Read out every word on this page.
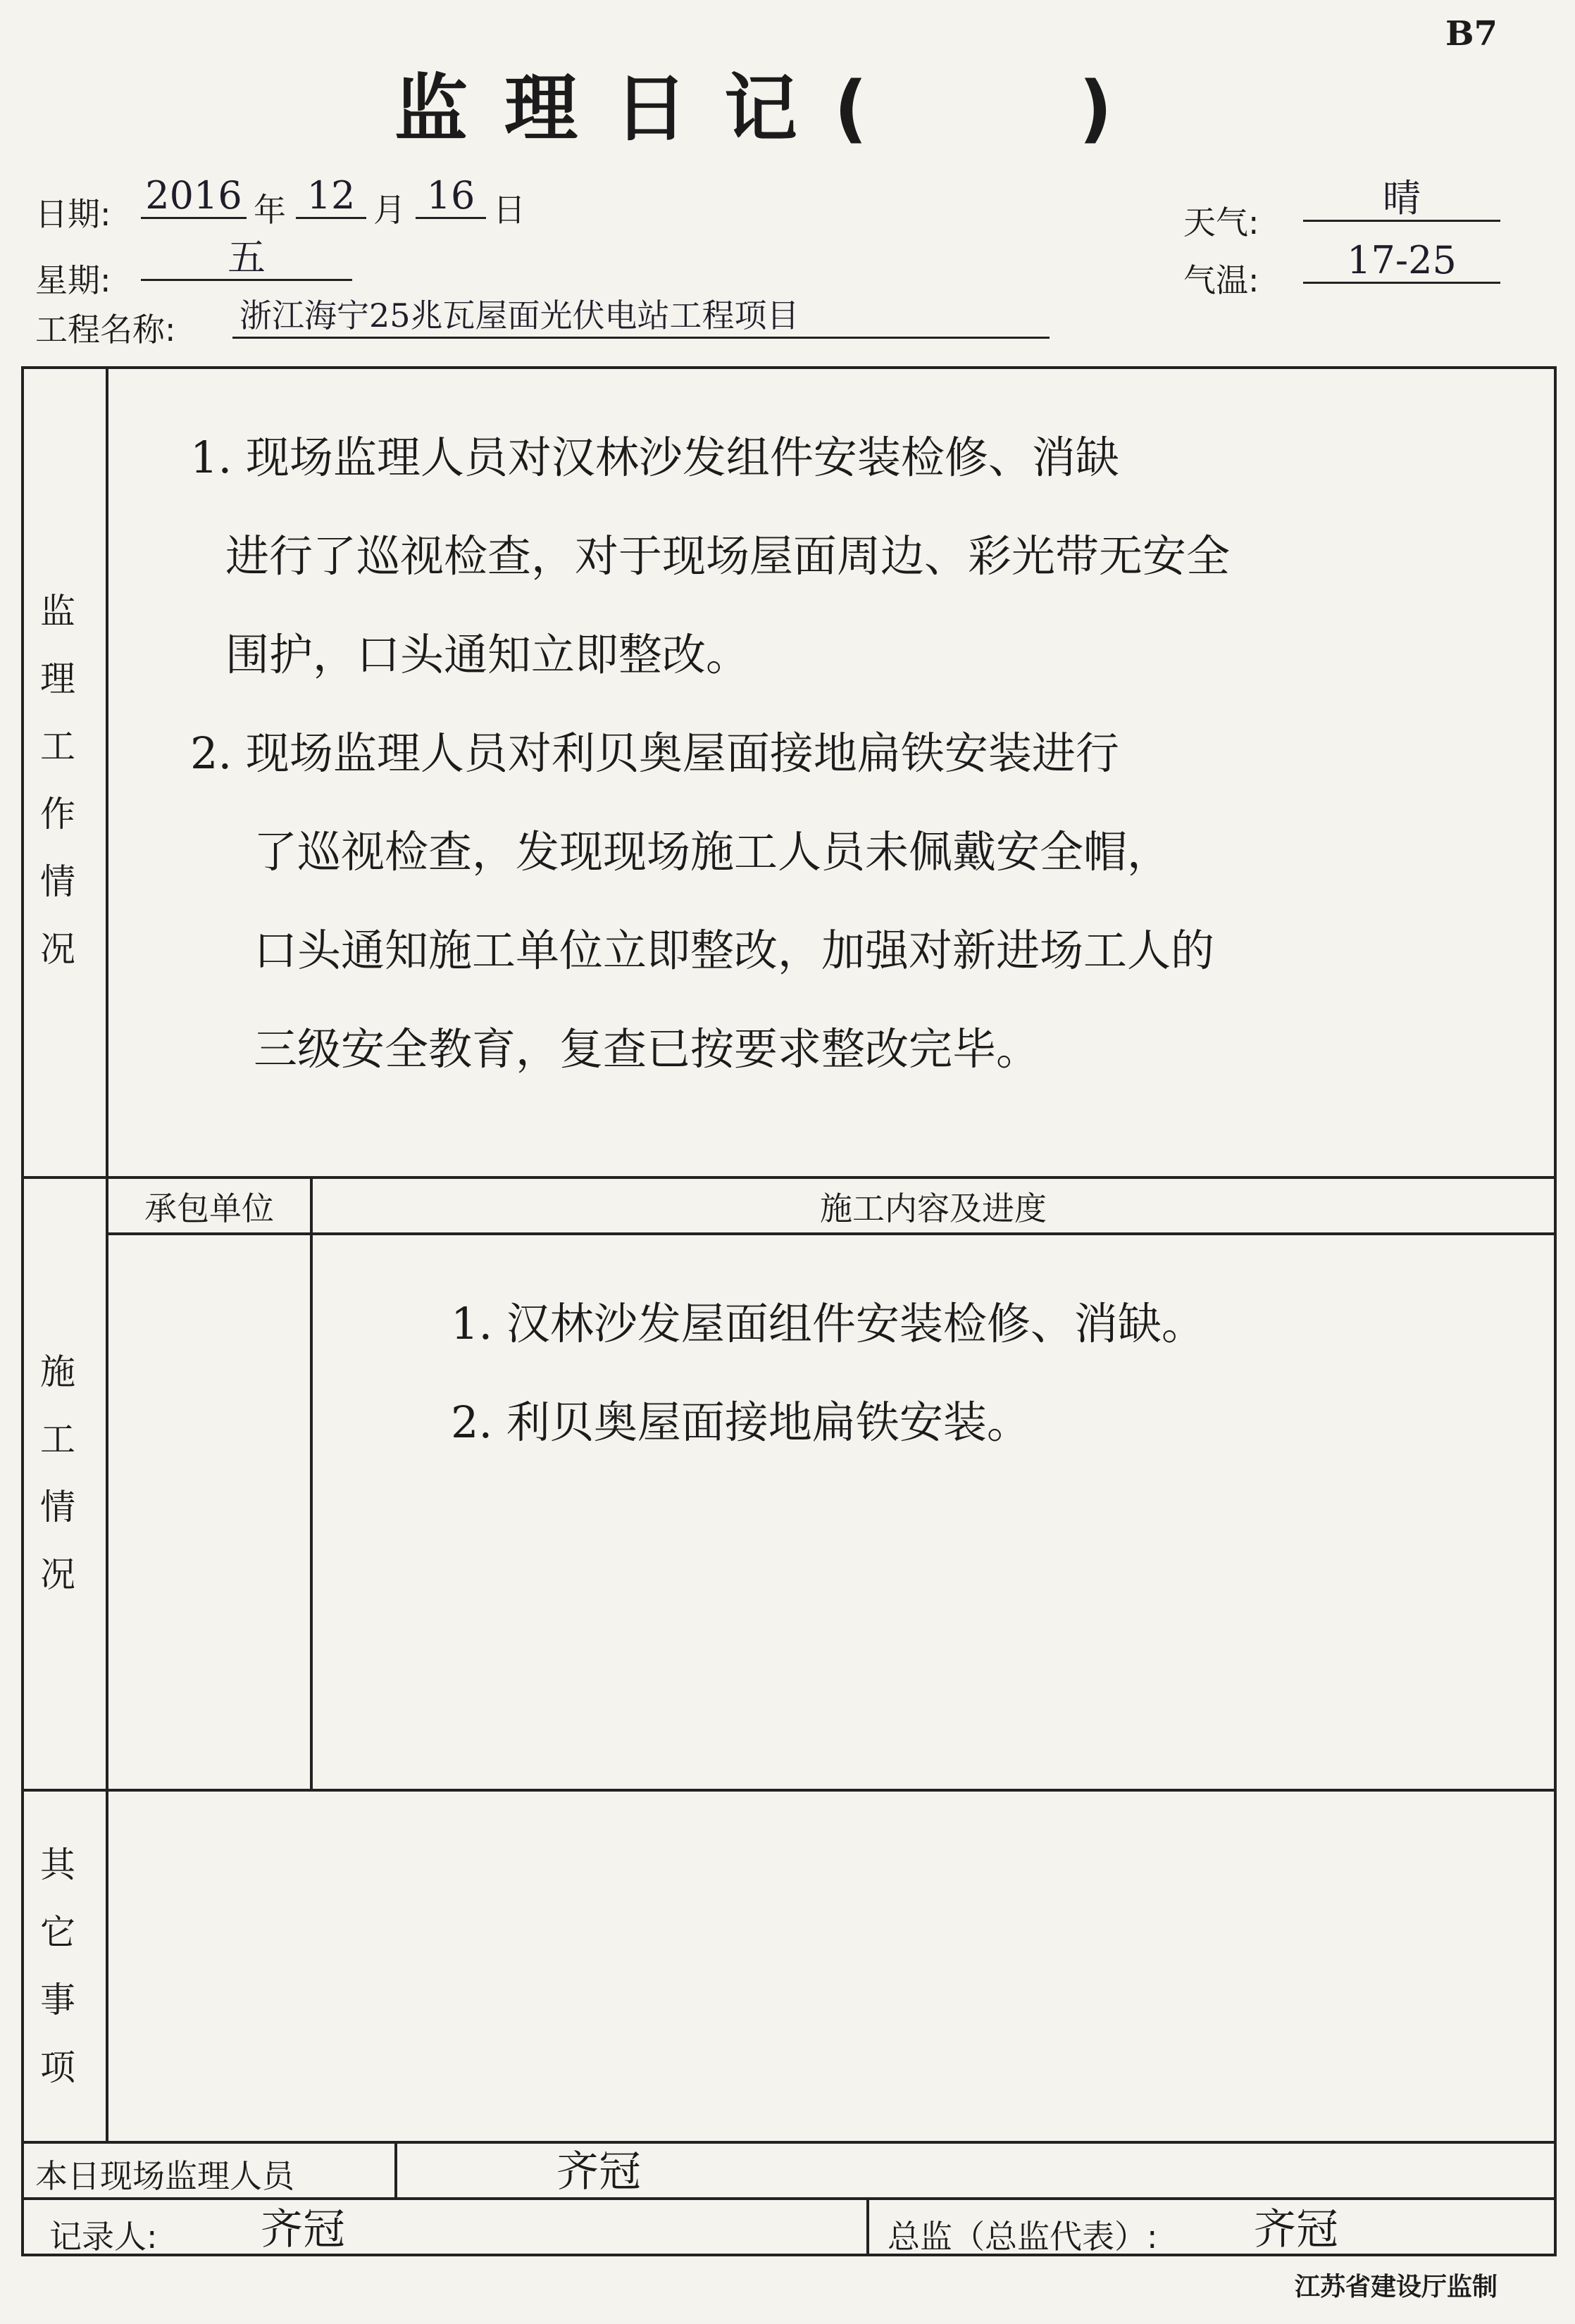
B7
监理日记(	)
日期: 2016 年 12 月 16 日
星期:
五
工程名称: 浙江海宁25兆瓦屋面光伏电站工程项目
天气:
晴
气温:	17-25
监
理
工
作
情
况
1. 现场监理人员对汉林沙发组件安装检修、消缺
进行了巡视检查，对于现场屋面周边、彩光带无安全
围护，口头通知立即整改。
2. 现场监理人员对利贝奥屋面接地扁铁安装进行
了巡视检查，发现现场施工人员未佩戴安全帽，
口头通知施工单位立即整改，加强对新进场工人的
三级安全教育，复查已按要求整改完毕。
承包单位	施工内容及进度
施
工
情
况
1. 汉林沙发屋面组件安装检修、消缺。
2. 利贝奥屋面接地扁铁安装。
其
它
事
项
本日现场监理人员	齐冠
记录人: 齐冠	总监（总监代表）: 齐冠
江苏省建设厅监制
